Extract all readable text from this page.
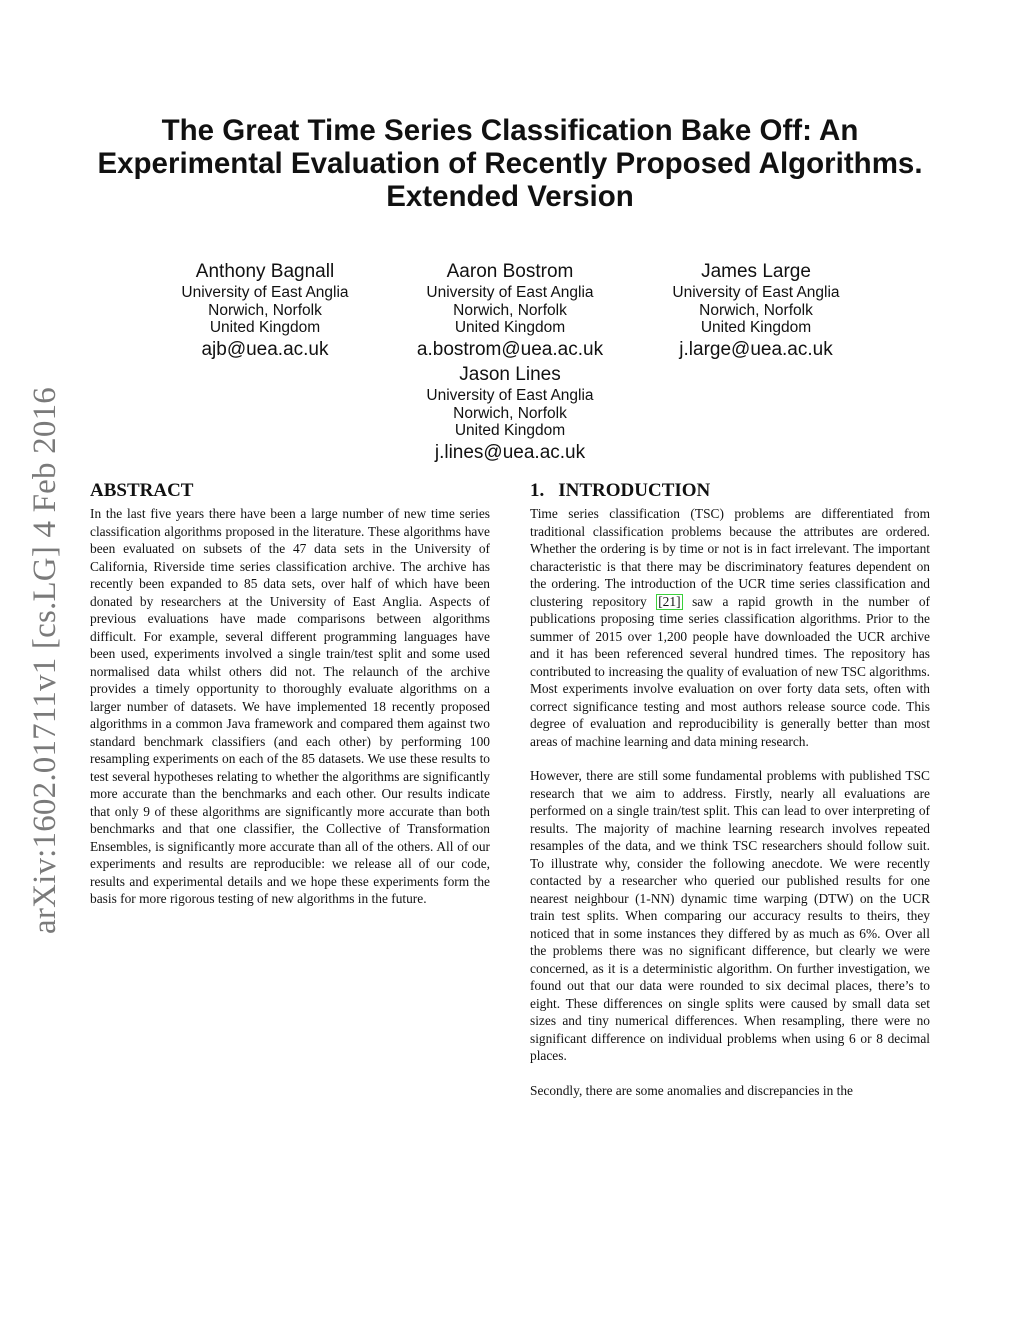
arXiv:1602.01711v1 [cs.LG] 4 Feb 2016
The Great Time Series Classification Bake Off: An
Experimental Evaluation of Recently Proposed Algorithms.
Extended Version
Anthony Bagnall
University of East Anglia
Norwich, Norfolk
United Kingdom
ajb@uea.ac.uk
Aaron Bostrom
University of East Anglia
Norwich, Norfolk
United Kingdom
a.bostrom@uea.ac.uk
James Large
University of East Anglia
Norwich, Norfolk
United Kingdom
j.large@uea.ac.uk
Jason Lines
University of East Anglia
Norwich, Norfolk
United Kingdom
j.lines@uea.ac.uk
ABSTRACT

In the last five years there have been a large number of new time series classification algorithms proposed in the literature. These algorithms have been evaluated on subsets of the 47 data sets in the University of California, Riverside time series classification archive. The archive has recently been expanded to 85 data sets, over half of which have been donated by researchers at the University of East Anglia. Aspects of previous evaluations have made comparisons between algorithms difficult. For example, several different programming languages have been used, experiments involved a single train/test split and some used normalised data whilst others did not. The relaunch of the archive provides a timely opportunity to thoroughly evaluate algorithms on a larger number of datasets. We have implemented 18 recently proposed algorithms in a common Java framework and compared them against two standard benchmark classifiers (and each other) by performing 100 resampling experiments on each of the 85 datasets. We use these results to test several hypotheses relating to whether the algorithms are significantly more accurate than the benchmarks and each other. Our results indicate that only 9 of these algorithms are significantly more accurate than both benchmarks and that one classifier, the Collective of Transformation Ensembles, is significantly more accurate than all of the others. All of our experiments and results are reproducible: we release all of our code, results and experimental details and we hope these experiments form the basis for more rigorous testing of new algorithms in the future.

1. INTRODUCTION

Time series classification (TSC) problems are differentiated from traditional classification problems because the attributes are ordered. Whether the ordering is by time or not is in fact irrelevant. The important characteristic is that there may be discriminatory features dependent on the ordering. The introduction of the UCR time series classification and clustering repository [21] saw a rapid growth in the number of publications proposing time series classification algorithms. Prior to the summer of 2015 over 1,200 people have downloaded the UCR archive and it has been referenced several hundred times. The repository has contributed to increasing the quality of evaluation of new TSC algorithms. Most experiments involve evaluation on over forty data sets, often with correct significance testing and most authors release source code. This degree of evaluation and reproducibility is generally better than most areas of machine learning and data mining research.

However, there are still some fundamental problems with published TSC research that we aim to address. Firstly, nearly all evaluations are performed on a single train/test split. This can lead to over interpreting of results. The majority of machine learning research involves repeated resamples of the data, and we think TSC researchers should follow suit. To illustrate why, consider the following anecdote. We were recently contacted by a researcher who queried our published results for one nearest neighbour (1-NN) dynamic time warping (DTW) on the UCR train test splits. When comparing our accuracy results to theirs, they noticed that in some instances they differed by as much as 6%. Over all the problems there was no significant difference, but clearly we were concerned, as it is a deterministic algorithm. On further investigation, we found out that our data were rounded to six decimal places, there’s to eight. These differences on single splits were caused by small data set sizes and tiny numerical differences. When resampling, there were no significant difference on individual problems when using 6 or 8 decimal places.

Secondly, there are some anomalies and discrepancies in the
